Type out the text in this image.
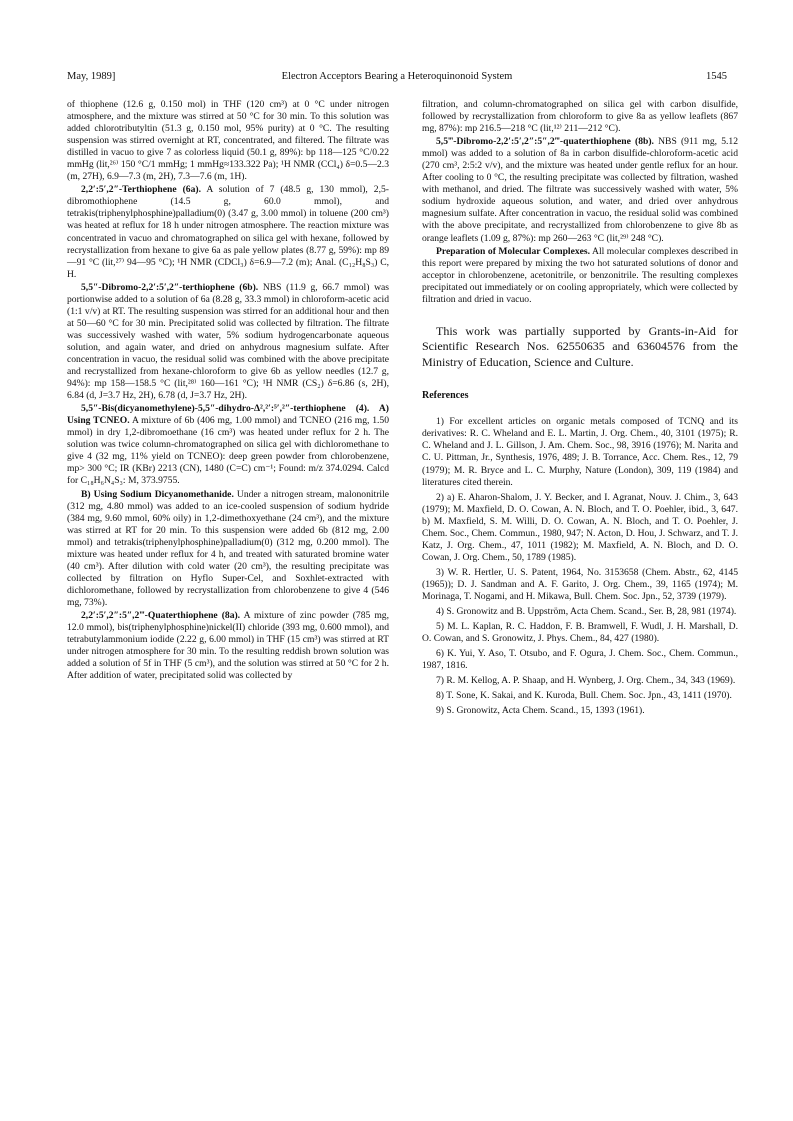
May, 1989]	Electron Acceptors Bearing a Heteroquinonoid System	1545

of thiophene (12.6 g, 0.150 mol) in THF (120 cm³) at 0 °C under nitrogen atmosphere, and the mixture was stirred at 50 °C for 30 min. To this solution was added chlorotributyltin (51.3 g, 0.150 mol, 95% purity) at 0 °C. The resulting suspension was stirred overnight at RT, concentrated, and filtered. The filtrate was distilled in vacuo to give 7 as colorless liquid (50.1 g, 89%): bp 118—125 °C/0.22 mmHg (lit,²⁶⁾ 150 °C/1 mmHg; 1 mmHg≈133.322 Pa); ¹H NMR (CCl₄) δ=0.5—2.3 (m, 27H), 6.9—7.3 (m, 2H), 7.3—7.6 (m, 1H).

2,2′:5′,2″-Terthiophene (6a). A solution of 7 (48.5 g, 130 mmol), 2,5-dibromothiophene (14.5 g, 60.0 mmol), and tetrakis(triphenylphosphine)palladium(0) (3.47 g, 3.00 mmol) in toluene (200 cm³) was heated at reflux for 18 h under nitrogen atmosphere. The reaction mixture was concentrated in vacuo and chromatographed on silica gel with hexane, followed by recrystallization from hexane to give 6a as pale yellow plates (8.77 g, 59%): mp 89—91 °C (lit,²⁷⁾ 94—95 °C); ¹H NMR (CDCl₃) δ=6.9—7.2 (m); Anal. (C₁₂H₈S₃) C, H.

5,5″-Dibromo-2,2′:5′,2″-terthiophene (6b). NBS (11.9 g, 66.7 mmol) was portionwise added to a solution of 6a (8.28 g, 33.3 mmol) in chloroform-acetic acid (1:1 v/v) at RT. The resulting suspension was stirred for an additional hour and then at 50—60 °C for 30 min. Precipitated solid was collected by filtration. The filtrate was successively washed with water, 5% sodium hydrogencarbonate aqueous solution, and again water, and dried on anhydrous magnesium sulfate. After concentration in vacuo, the residual solid was combined with the above precipitate and recrystallized from hexane-chloroform to give 6b as yellow needles (12.7 g, 94%): mp 158—158.5 °C (lit,²⁸⁾ 160—161 °C); ¹H NMR (CS₂) δ=6.86 (s, 2H), 6.84 (d, J=3.7 Hz, 2H), 6.78 (d, J=3.7 Hz, 2H).

5,5″-Bis(dicyanomethylene)-5,5″-dihydro-Δ²,²′:⁵′,²″-terthiophene (4). A) Using TCNEO. A mixture of 6b (406 mg, 1.00 mmol) and TCNEO (216 mg, 1.50 mmol) in dry 1,2-dibromoethane (16 cm³) was heated under reflux for 2 h. The solution was twice column-chromatographed on silica gel with dichloromethane to give 4 (32 mg, 11% yield on TCNEO): deep green powder from chlorobenzene, mp> 300 °C; IR (KBr) 2213 (CN), 1480 (C=C) cm⁻¹; Found: m/z 374.0294. Calcd for C₁₈H₆N₄S₃: M, 373.9755.

B) Using Sodium Dicyanomethanide. Under a nitrogen stream, malononitrile (312 mg, 4.80 mmol) was added to an ice-cooled suspension of sodium hydride (384 mg, 9.60 mmol, 60% oily) in 1,2-dimethoxyethane (24 cm³), and the mixture was stirred at RT for 20 min. To this suspension were added 6b (812 mg, 2.00 mmol) and tetrakis(triphenylphosphine)palladium(0) (312 mg, 0.200 mmol). The mixture was heated under reflux for 4 h, and treated with saturated bromine water (40 cm³). After dilution with cold water (20 cm³), the resulting precipitate was collected by filtration on Hyflo Super-Cel, and Soxhlet-extracted with dichloromethane, followed by recrystallization from chlorobenzene to give 4 (546 mg, 73%).

2,2′:5′,2″:5″,2‴-Quaterthiophene (8a). A mixture of zinc powder (785 mg, 12.0 mmol), bis(triphenylphosphine)nickel(II) chloride (393 mg, 0.600 mmol), and tetrabutylammonium iodide (2.22 g, 6.00 mmol) in THF (15 cm³) was stirred at RT under nitrogen atmosphere for 30 min. To the resulting reddish brown solution was added a solution of 5f in THF (5 cm³), and the solution was stirred at 50 °C for 2 h. After addition of water, precipitated solid was collected by

filtration, and column-chromatographed on silica gel with carbon disulfide, followed by recrystallization from chloroform to give 8a as yellow leaflets (867 mg, 87%): mp 216.5—218 °C (lit,¹²⁾ 211—212 °C).

5,5‴-Dibromo-2,2′:5′,2″:5″,2‴-quaterthiophene (8b). NBS (911 mg, 5.12 mmol) was added to a solution of 8a in carbon disulfide-chloroform-acetic acid (270 cm³, 2:5:2 v/v), and the mixture was heated under gentle reflux for an hour. After cooling to 0 °C, the resulting precipitate was collected by filtration, washed with methanol, and dried. The filtrate was successively washed with water, 5% sodium hydroxide aqueous solution, and water, and dried over anhydrous magnesium sulfate. After concentration in vacuo, the residual solid was combined with the above precipitate, and recrystallized from chlorobenzene to give 8b as orange leaflets (1.09 g, 87%): mp 260—263 °C (lit,²⁹⁾ 248 °C).

Preparation of Molecular Complexes. All molecular complexes described in this report were prepared by mixing the two hot saturated solutions of donor and acceptor in chlorobenzene, acetonitrile, or benzonitrile. The resulting complexes precipitated out immediately or on cooling appropriately, which were collected by filtration and dried in vacuo.

This work was partially supported by Grants-in-Aid for Scientific Research Nos. 62550635 and 63604576 from the Ministry of Education, Science and Culture.

References

1) For excellent articles on organic metals composed of TCNQ and its derivatives: R. C. Wheland and E. L. Martin, J. Org. Chem., 40, 3101 (1975); R. C. Wheland and J. L. Gillson, J. Am. Chem. Soc., 98, 3916 (1976); M. Narita and C. U. Pittman, Jr., Synthesis, 1976, 489; J. B. Torrance, Acc. Chem. Res., 12, 79 (1979); M. R. Bryce and L. C. Murphy, Nature (London), 309, 119 (1984) and literatures cited therein.

2) a) E. Aharon-Shalom, J. Y. Becker, and I. Agranat, Nouv. J. Chim., 3, 643 (1979); M. Maxfield, D. O. Cowan, A. N. Bloch, and T. O. Poehler, ibid., 3, 647. b) M. Maxfield, S. M. Willi, D. O. Cowan, A. N. Bloch, and T. O. Poehler, J. Chem. Soc., Chem. Commun., 1980, 947; N. Acton, D. Hou, J. Schwarz, and T. J. Katz, J. Org. Chem., 47, 1011 (1982); M. Maxfield, A. N. Bloch, and D. O. Cowan, J. Org. Chem., 50, 1789 (1985).

3) W. R. Hertler, U. S. Patent, 1964, No. 3153658 (Chem. Abstr., 62, 4145 (1965)); D. J. Sandman and A. F. Garito, J. Org. Chem., 39, 1165 (1974); M. Morinaga, T. Nogami, and H. Mikawa, Bull. Chem. Soc. Jpn., 52, 3739 (1979).

4) S. Gronowitz and B. Uppström, Acta Chem. Scand., Ser. B, 28, 981 (1974).

5) M. L. Kaplan, R. C. Haddon, F. B. Bramwell, F. Wudl, J. H. Marshall, D. O. Cowan, and S. Gronowitz, J. Phys. Chem., 84, 427 (1980).

6) K. Yui, Y. Aso, T. Otsubo, and F. Ogura, J. Chem. Soc., Chem. Commun., 1987, 1816.

7) R. M. Kellog, A. P. Shaap, and H. Wynberg, J. Org. Chem., 34, 343 (1969).

8) T. Sone, K. Sakai, and K. Kuroda, Bull. Chem. Soc. Jpn., 43, 1411 (1970).

9) S. Gronowitz, Acta Chem. Scand., 15, 1393 (1961).
